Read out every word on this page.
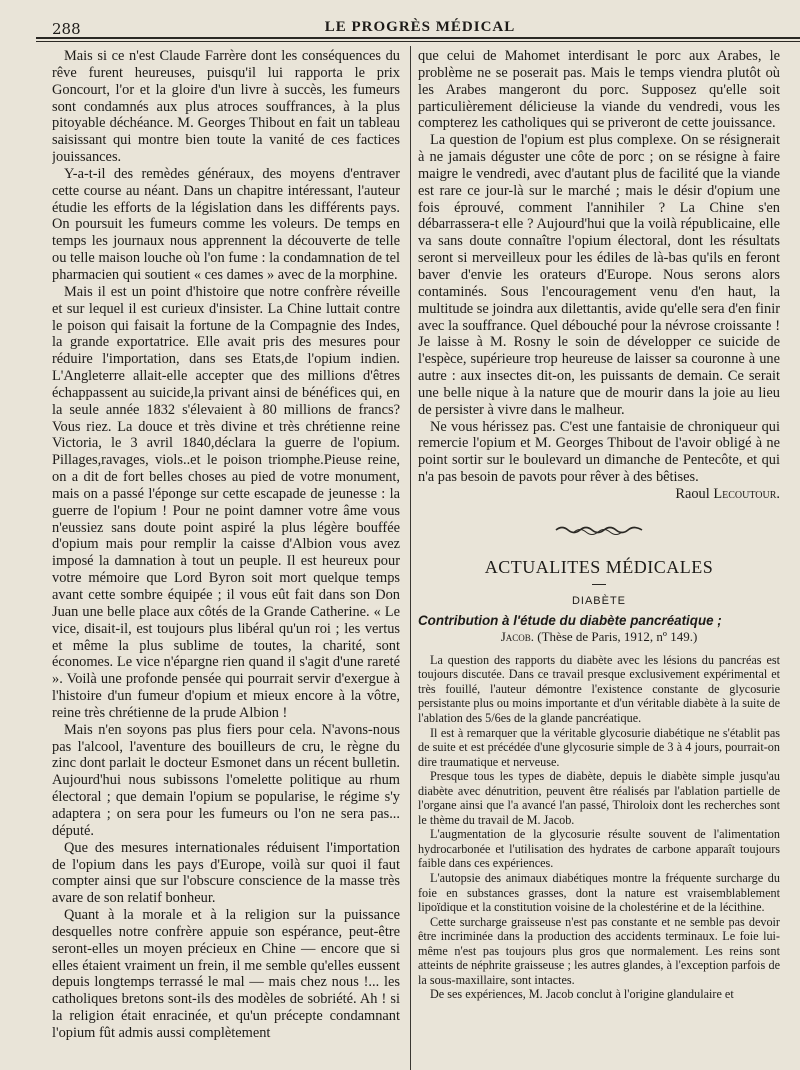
288	LE PROGRÈS MÉDICAL

Mais si ce n'est Claude Farrère dont les conséquences du rêve furent heureuses, puisqu'il lui rapporta le prix Goncourt, l'or et la gloire d'un livre à succès, les fumeurs sont condamnés aux plus atroces souffrances, à la plus pitoyable déchéance. M. Georges Thibout en fait un tableau saisissant qui montre bien toute la vanité de ces factices jouissances.

Y-a-t-il des remèdes généraux, des moyens d'entraver cette course au néant. Dans un chapitre intéressant, l'auteur étudie les efforts de la législation dans les différents pays. On poursuit les fumeurs comme les voleurs. De temps en temps les journaux nous apprennent la découverte de telle ou telle maison louche où l'on fume : la condamnation de tel pharmacien qui soutient « ces dames » avec de la morphine.

Mais il est un point d'histoire que notre confrère réveille et sur lequel il est curieux d'insister. La Chine luttait contre le poison qui faisait la fortune de la Compagnie des Indes, la grande exportatrice. Elle avait pris des mesures pour réduire l'importation, dans ses Etats,de l'opium indien. L'Angleterre allait-elle accepter que des millions d'êtres échappassent au suicide,la privant ainsi de bénéfices qui, en la seule année 1832 s'élevaient à 80 millions de francs? Vous riez. La douce et très divine et très chrétienne reine Victoria, le 3 avril 1840,déclara la guerre de l'opium. Pillages,ravages, viols..et le poison triomphe.Pieuse reine, on a dit de fort belles choses au pied de votre monument, mais on a passé l'éponge sur cette escapade de jeunesse : la guerre de l'opium ! Pour ne point damner votre âme vous n'eussiez sans doute point aspiré la plus légère bouffée d'opium mais pour remplir la caisse d'Albion vous avez imposé la damnation à tout un peuple. Il est heureux pour votre mémoire que Lord Byron soit mort quelque temps avant cette sombre équipée ; il vous eût fait dans son Don Juan une belle place aux côtés de la Grande Catherine. « Le vice, disait-il, est toujours plus libéral qu'un roi ; les vertus et même la plus sublime de toutes, la charité, sont économes. Le vice n'épargne rien quand il s'agit d'une rareté ». Voilà une profonde pensée qui pourrait servir d'exergue à l'histoire d'un fumeur d'opium et mieux encore à la vôtre, reine très chrétienne de la prude Albion !

Mais n'en soyons pas plus fiers pour cela. N'avons-nous pas l'alcool, l'aventure des bouilleurs de cru, le règne du zinc dont parlait le docteur Esmonet dans un récent bulletin. Aujourd'hui nous subissons l'omelette politique au rhum électoral ; que demain l'opium se popularise, le régime s'y adaptera ; on sera pour les fumeurs ou l'on ne sera pas... député.

Que des mesures internationales réduisent l'importation de l'opium dans les pays d'Europe, voilà sur quoi il faut compter ainsi que sur l'obscure conscience de la masse très avare de son relatif bonheur.

Quant à la morale et à la religion sur la puissance desquelles notre confrère appuie son espérance, peut-être seront-elles un moyen précieux en Chine — encore que si elles étaient vraiment un frein, il me semble qu'elles eussent depuis longtemps terrassé le mal — mais chez nous !... les catholiques bretons sont-ils des modèles de sobriété. Ah ! si la religion était enracinée, et qu'un précepte condamnant l'opium fût admis aussi complètement

que celui de Mahomet interdisant le porc aux Arabes, le problème ne se poserait pas. Mais le temps viendra plutôt où les Arabes mangeront du porc. Supposez qu'elle soit particulièrement délicieuse la viande du vendredi, vous les compterez les catholiques qui se priveront de cette jouissance.

La question de l'opium est plus complexe. On se résignerait à ne jamais déguster une côte de porc ; on se résigne à faire maigre le vendredi, avec d'autant plus de facilité que la viande est rare ce jour-là sur le marché ; mais le désir d'opium une fois éprouvé, comment l'annihiler ? La Chine s'en débarrassera-t elle ? Aujourd'hui que la voilà républicaine, elle va sans doute connaître l'opium électoral, dont les résultats seront si merveilleux pour les édiles de là-bas qu'ils en feront baver d'envie les orateurs d'Europe. Nous serons alors contaminés. Sous l'encouragement venu d'en haut, la multitude se joindra aux dilettantis, avide qu'elle sera d'en finir avec la souffrance. Quel débouché pour la névrose croissante ! Je laisse à M. Rosny le soin de développer ce suicide de l'espèce, supérieure trop heureuse de laisser sa couronne à une autre : aux insectes dit-on, les puissants de demain. Ce serait une belle nique à la nature que de mourir dans la joie au lieu de persister à vivre dans le malheur.

Ne vous hérissez pas. C'est une fantaisie de chroniqueur qui remercie l'opium et M. Georges Thibout de l'avoir obligé à ne point sortir sur le boulevard un dimanche de Pentecôte, et qui n'a pas besoin de pavots pour rêver à des bêtises.

Raoul Lecoutour.

ACTUALITES MÉDICALES

DIABÈTE

Contribution à l'étude du diabète pancréatique ;

Jacob. (Thèse de Paris, 1912, nº 149.)

La question des rapports du diabète avec les lésions du pancréas est toujours discutée. Dans ce travail presque exclusivement expérimental et très fouillé, l'auteur démontre l'existence constante de glycosurie persistante plus ou moins importante et d'un véritable diabète à la suite de l'ablation des 5/6es de la glande pancréatique.

Il est à remarquer que la véritable glycosurie diabétique ne s'établit pas de suite et est précédée d'une glycosurie simple de 3 à 4 jours, pourrait-on dire traumatique et nerveuse.

Presque tous les types de diabète, depuis le diabète simple jusqu'au diabète avec dénutrition, peuvent être réalisés par l'ablation partielle de l'organe ainsi que l'a avancé l'an passé, Thiroloix dont les recherches sont le thème du travail de M. Jacob.

L'augmentation de la glycosurie résulte souvent de l'alimentation hydrocarbonée et l'utilisation des hydrates de carbone apparaît toujours faible dans ces expériences.

L'autopsie des animaux diabétiques montre la fréquente surcharge du foie en substances grasses, dont la nature est vraisemblablement lipoïdique et la constitution voisine de la cholestérine et de la lécithine.

Cette surcharge graisseuse n'est pas constante et ne semble pas devoir être incriminée dans la production des accidents terminaux. Le foie lui-même n'est pas toujours plus gros que normalement. Les reins sont atteints de néphrite graisseuse ; les autres glandes, à l'exception parfois de la sous-maxillaire, sont intactes.

De ses expériences, M. Jacob conclut à l'origine glandulaire et
